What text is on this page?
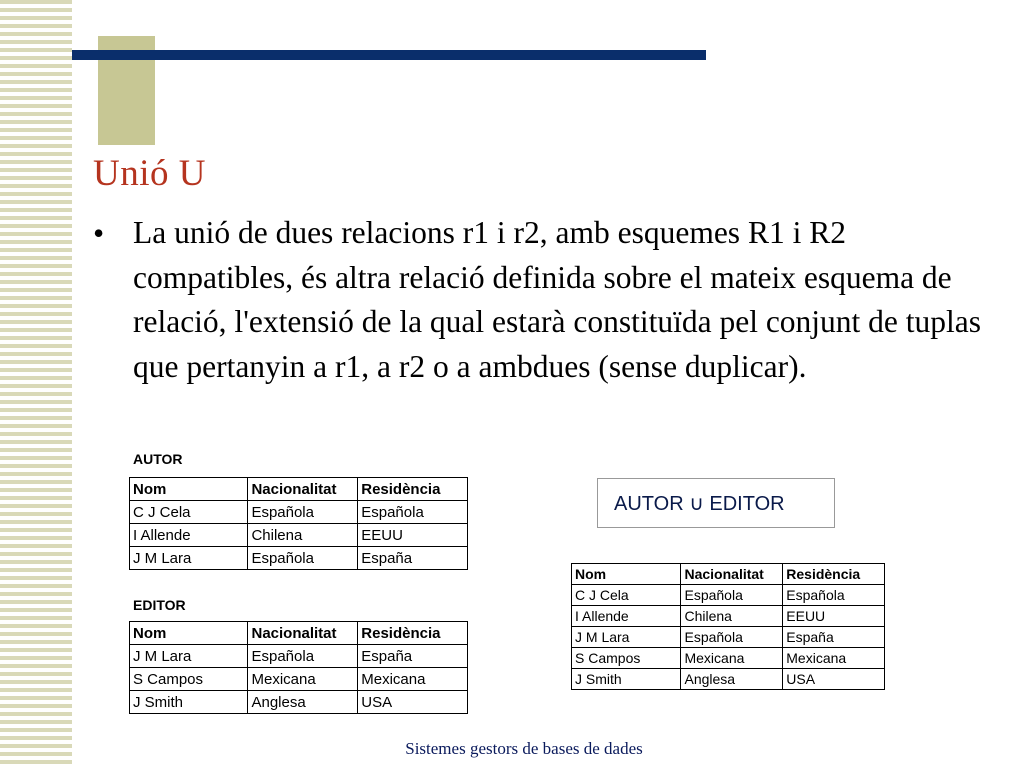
Unió U
• La unió de dues relacions r1 i r2, amb esquemes R1 i R2 compatibles, és altra relació definida sobre el mateix esquema de relació, l'extensió de la qual estarà constituïda pel conjunt de tuplas que pertanyin a r1, a r2 o a ambdues (sense duplicar).
AUTOR
Nom	Nacionalitat	Residència
C J Cela	Española	Española
I Allende	Chilena	EEUU
J M Lara	Española	España
EDITOR
Nom	Nacionalitat	Residència
J M Lara	Española	España
S Campos	Mexicana	Mexicana
J Smith	Anglesa	USA
AUTOR ∪ EDITOR
Nom	Nacionalitat	Residència
C J Cela	Española	Española
I Allende	Chilena	EEUU
J M Lara	Española	España
S Campos	Mexicana	Mexicana
J Smith	Anglesa	USA
Sistemes gestors de bases de dades
